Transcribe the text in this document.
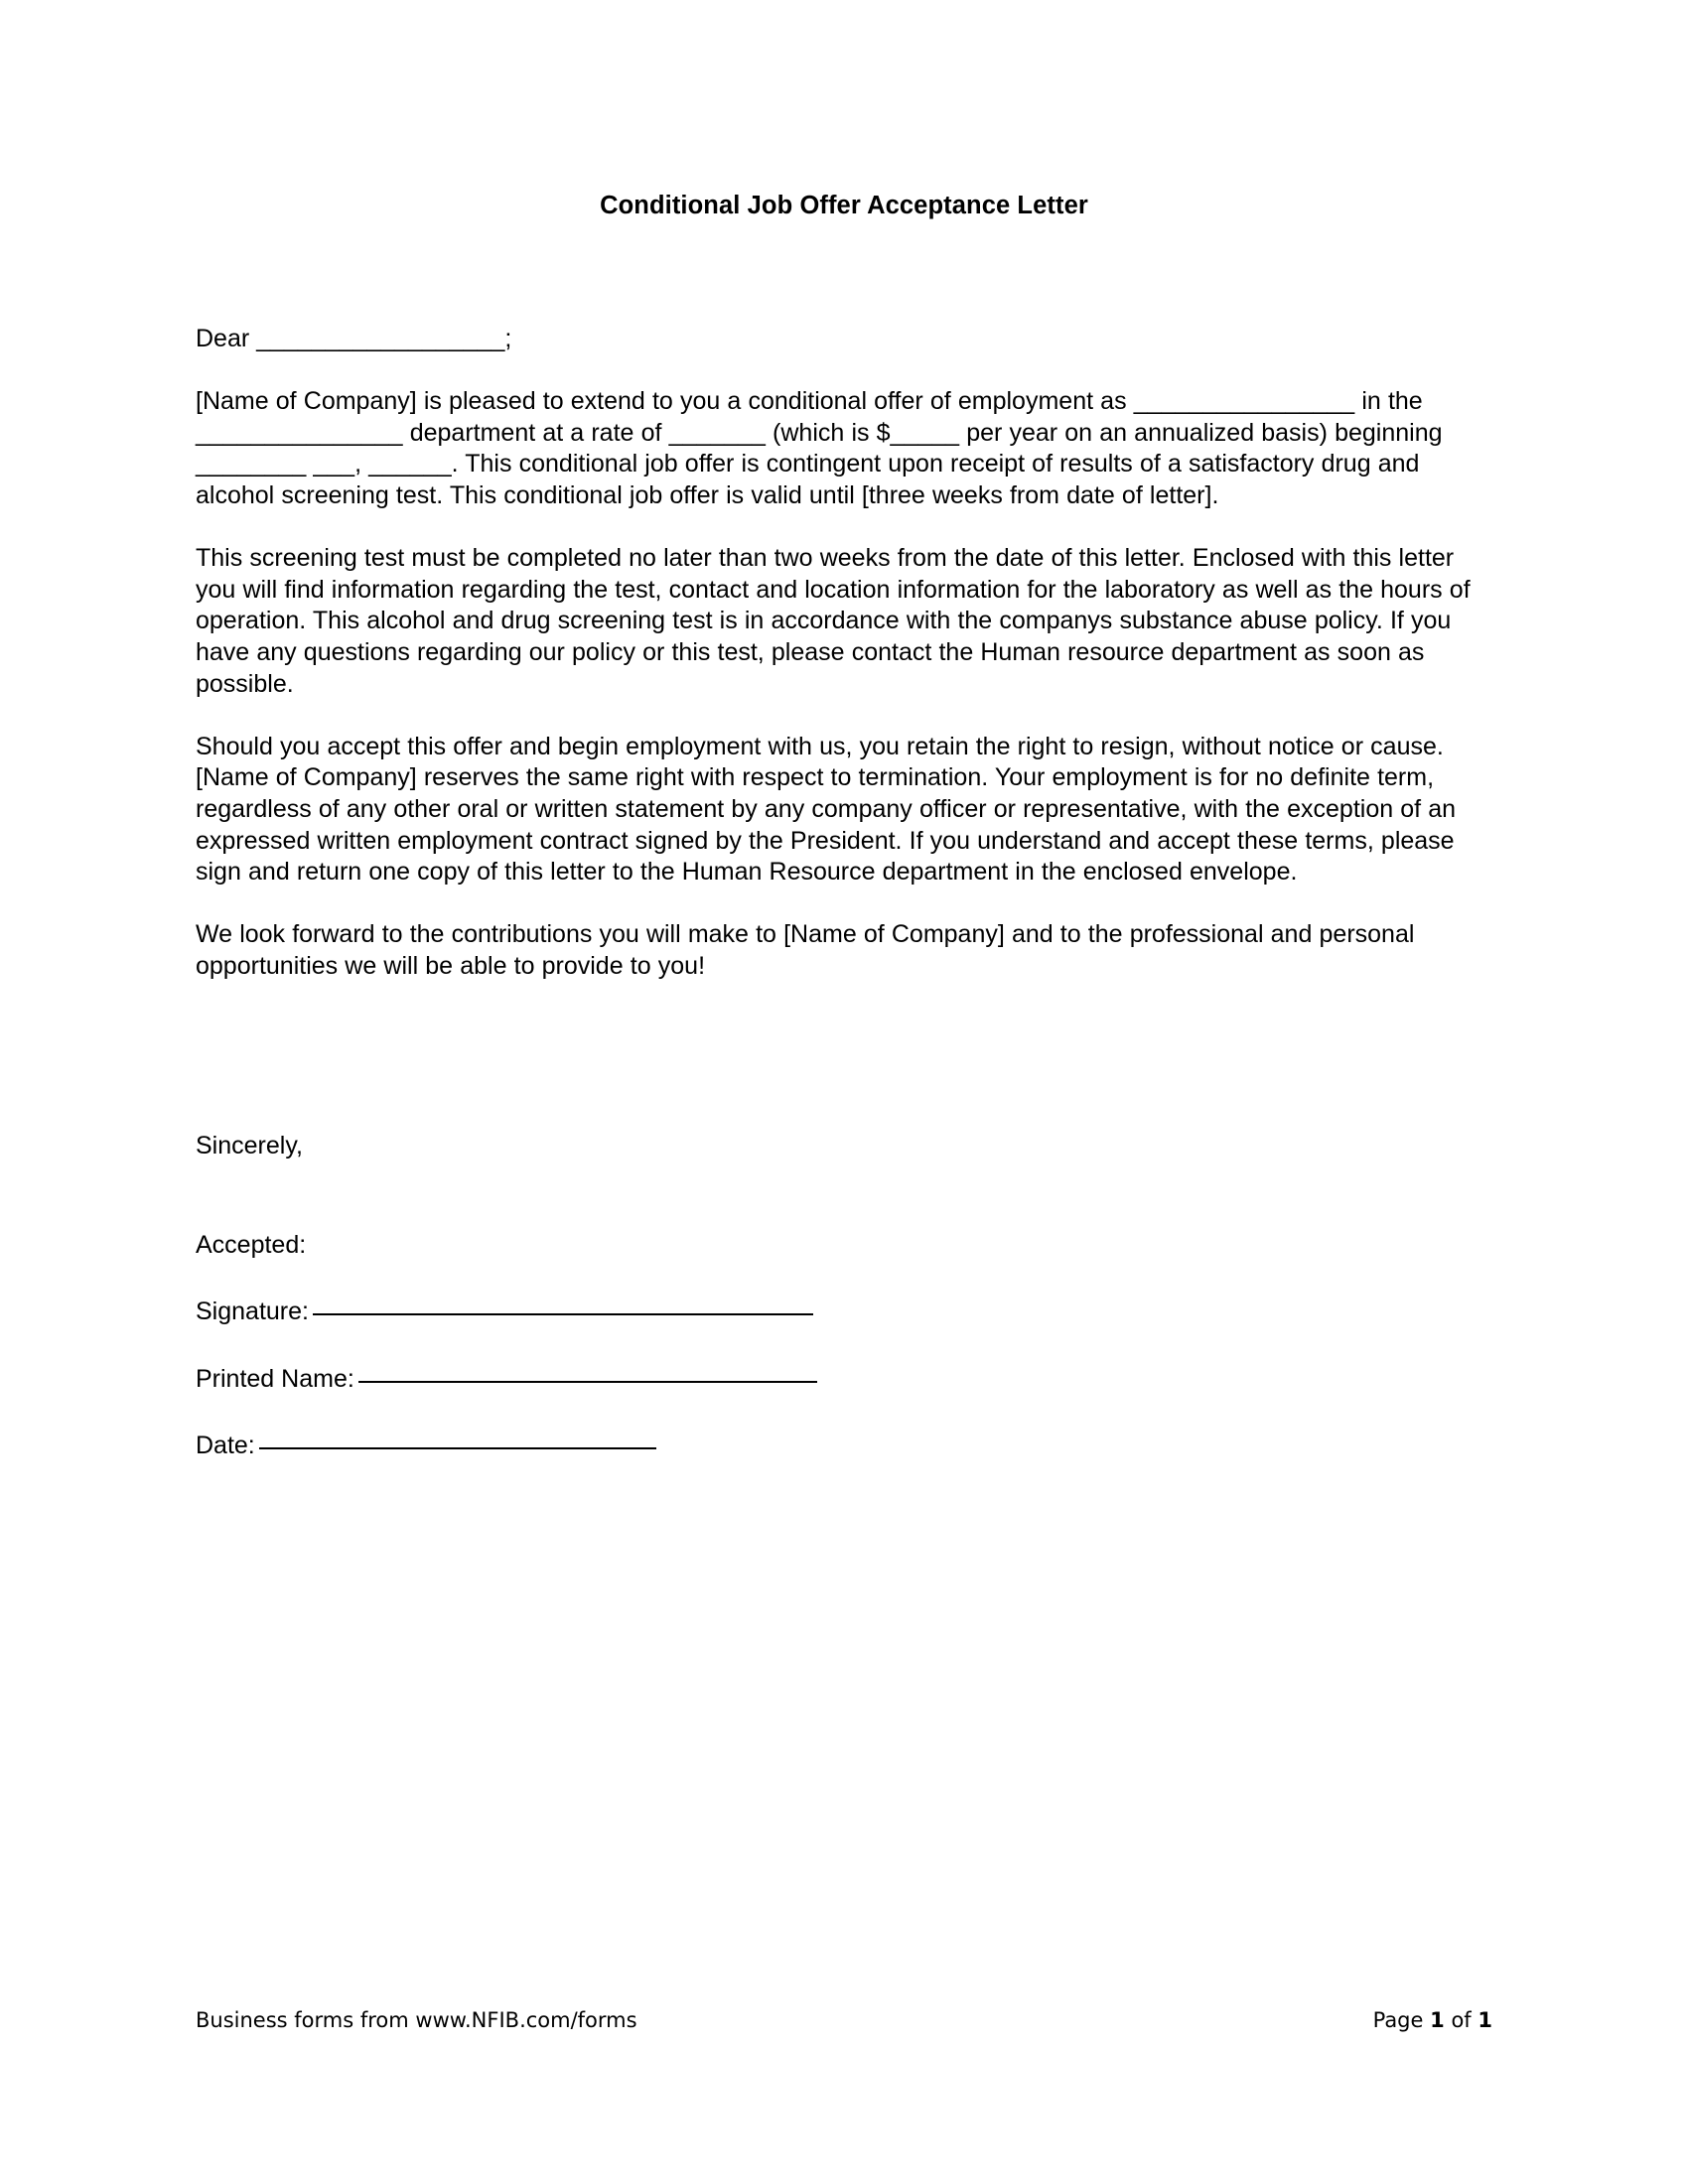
Conditional Job Offer Acceptance Letter

Dear __________________;

[Name of Company] is pleased to extend to you a conditional offer of employment as ________________ in the _______________ department at a rate of _______ (which is $_____ per year on an annualized basis) beginning ________ ___, ______. This conditional job offer is contingent upon receipt of results of a satisfactory drug and alcohol screening test. This conditional job offer is valid until [three weeks from date of letter].

This screening test must be completed no later than two weeks from the date of this letter. Enclosed with this letter you will find information regarding the test, contact and location information for the laboratory as well as the hours of operation. This alcohol and drug screening test is in accordance with the companys substance abuse policy. If you have any questions regarding our policy or this test, please contact the Human resource department as soon as possible.

Should you accept this offer and begin employment with us, you retain the right to resign, without notice or cause. [Name of Company] reserves the same right with respect to termination. Your employment is for no definite term, regardless of any other oral or written statement by any company officer or representative, with the exception of an expressed written employment contract signed by the President. If you understand and accept these terms, please sign and return one copy of this letter to the Human Resource department in the enclosed envelope.

We look forward to the contributions you will make to [Name of Company] and to the professional and personal opportunities we will be able to provide to you!

Sincerely,

Accepted:

Signature:
Printed Name:
Date:
Business forms from www.NFIB.com/forms	Page 1 of 1
